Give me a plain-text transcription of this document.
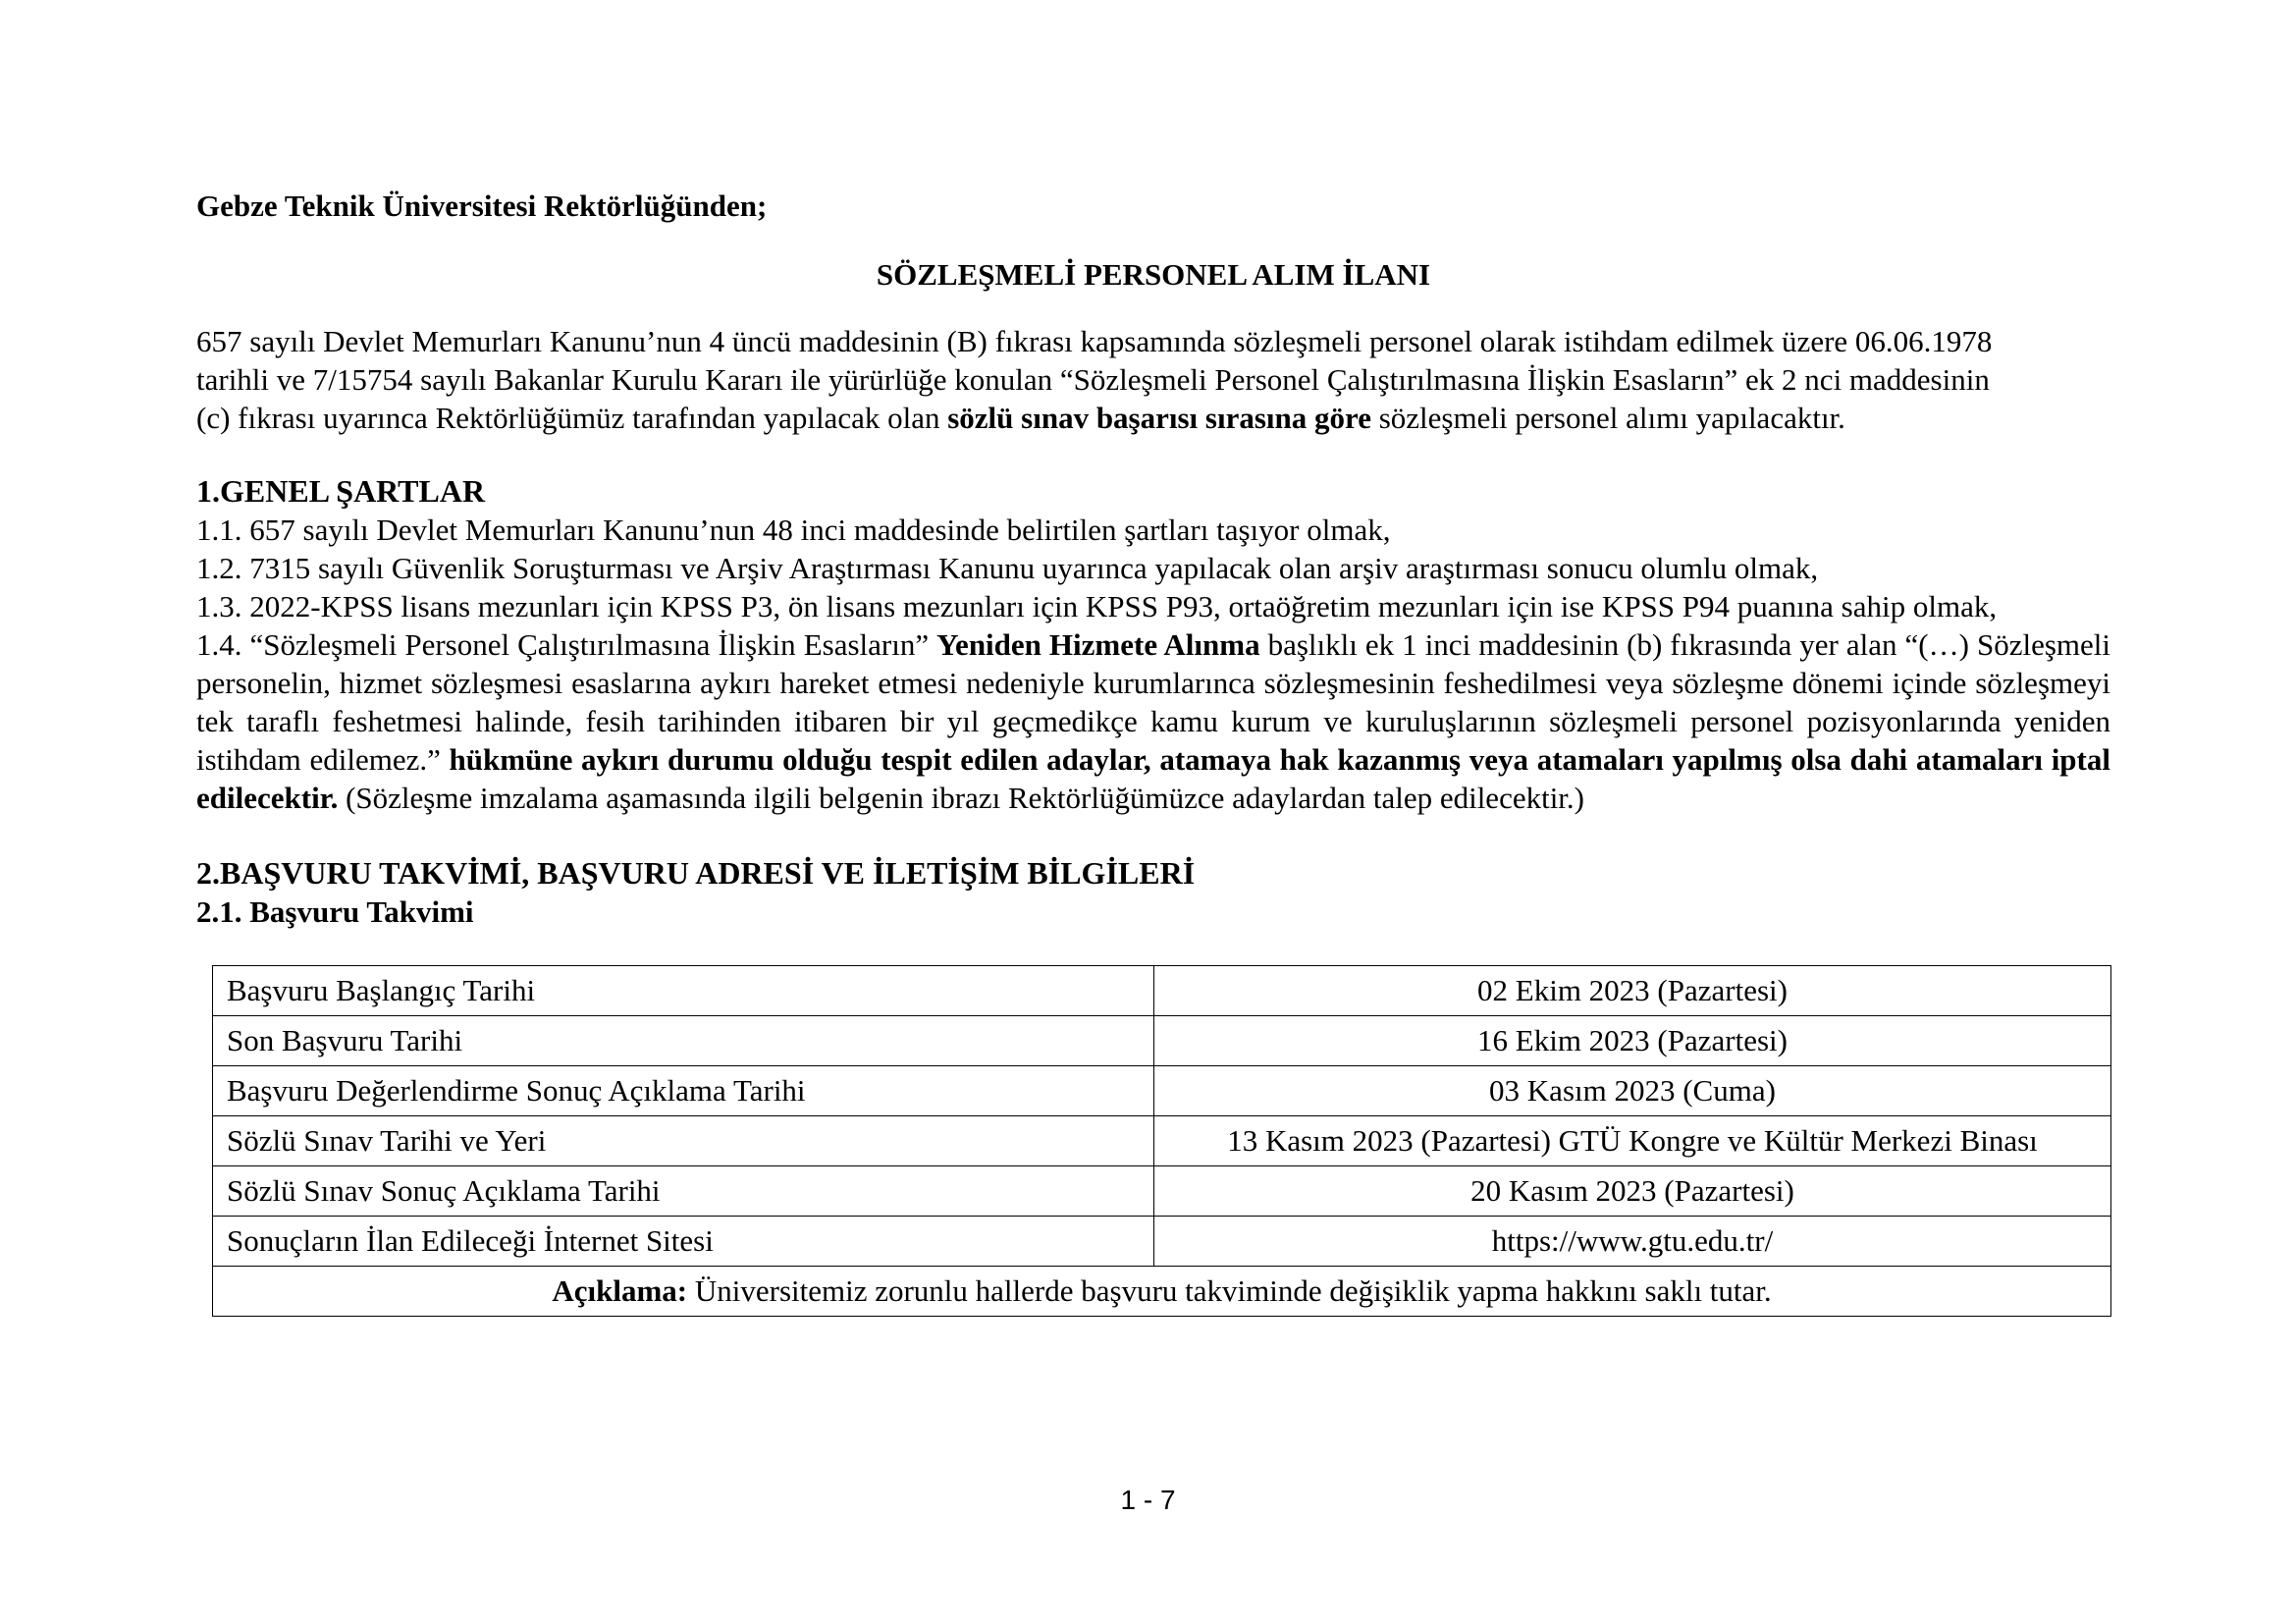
Gebze Teknik Üniversitesi Rektörlüğünden;

SÖZLEŞMELİ PERSONEL ALIM İLANI

657 sayılı Devlet Memurları Kanunu’nun 4 üncü maddesinin (B) fıkrası kapsamında sözleşmeli personel olarak istihdam edilmek üzere 06.06.1978
tarihli ve 7/15754 sayılı Bakanlar Kurulu Kararı ile yürürlüğe konulan “Sözleşmeli Personel Çalıştırılmasına İlişkin Esasların” ek 2 nci maddesinin
(c) fıkrası uyarınca Rektörlüğümüz tarafından yapılacak olan sözlü sınav başarısı sırasına göre sözleşmeli personel alımı yapılacaktır.
1.GENEL ŞARTLAR
1.1. 657 sayılı Devlet Memurları Kanunu’nun 48 inci maddesinde belirtilen şartları taşıyor olmak,
1.2. 7315 sayılı Güvenlik Soruşturması ve Arşiv Araştırması Kanunu uyarınca yapılacak olan arşiv araştırması sonucu olumlu olmak,
1.3. 2022-KPSS lisans mezunları için KPSS P3, ön lisans mezunları için KPSS P93, ortaöğretim mezunları için ise KPSS P94 puanına sahip olmak,
1.4. “Sözleşmeli Personel Çalıştırılmasına İlişkin Esasların” Yeniden Hizmete Alınma başlıklı ek 1 inci maddesinin (b) fıkrasında yer alan “(…) Sözleşmeli personelin, hizmet sözleşmesi esaslarına aykırı hareket etmesi nedeniyle kurumlarınca sözleşmesinin feshedilmesi veya sözleşme dönemi içinde sözleşmeyi tek taraflı feshetmesi halinde, fesih tarihinden itibaren bir yıl geçmedikçe kamu kurum ve kuruluşlarının sözleşmeli personel pozisyonlarında yeniden istihdam edilemez.” hükmüne aykırı durumu olduğu tespit edilen adaylar, atamaya hak kazanmış veya atamaları yapılmış olsa dahi atamaları iptal edilecektir. (Sözleşme imzalama aşamasında ilgili belgenin ibrazı Rektörlüğümüzce adaylardan talep edilecektir.)
2.BAŞVURU TAKVİMİ, BAŞVURU ADRESİ VE İLETİŞİM BİLGİLERİ
2.1. Başvuru Takvimi
Başvuru Başlangıç Tarihi	02 Ekim 2023 (Pazartesi)
Son Başvuru Tarihi	16 Ekim 2023 (Pazartesi)
Başvuru Değerlendirme Sonuç Açıklama Tarihi	03 Kasım 2023 (Cuma)
Sözlü Sınav Tarihi ve Yeri	13 Kasım 2023 (Pazartesi) GTÜ Kongre ve Kültür Merkezi Binası
Sözlü Sınav Sonuç Açıklama Tarihi	20 Kasım 2023 (Pazartesi)
Sonuçların İlan Edileceği İnternet Sitesi	https://www.gtu.edu.tr/
Açıklama: Üniversitemiz zorunlu hallerde başvuru takviminde değişiklik yapma hakkını saklı tutar.	
1 - 7
